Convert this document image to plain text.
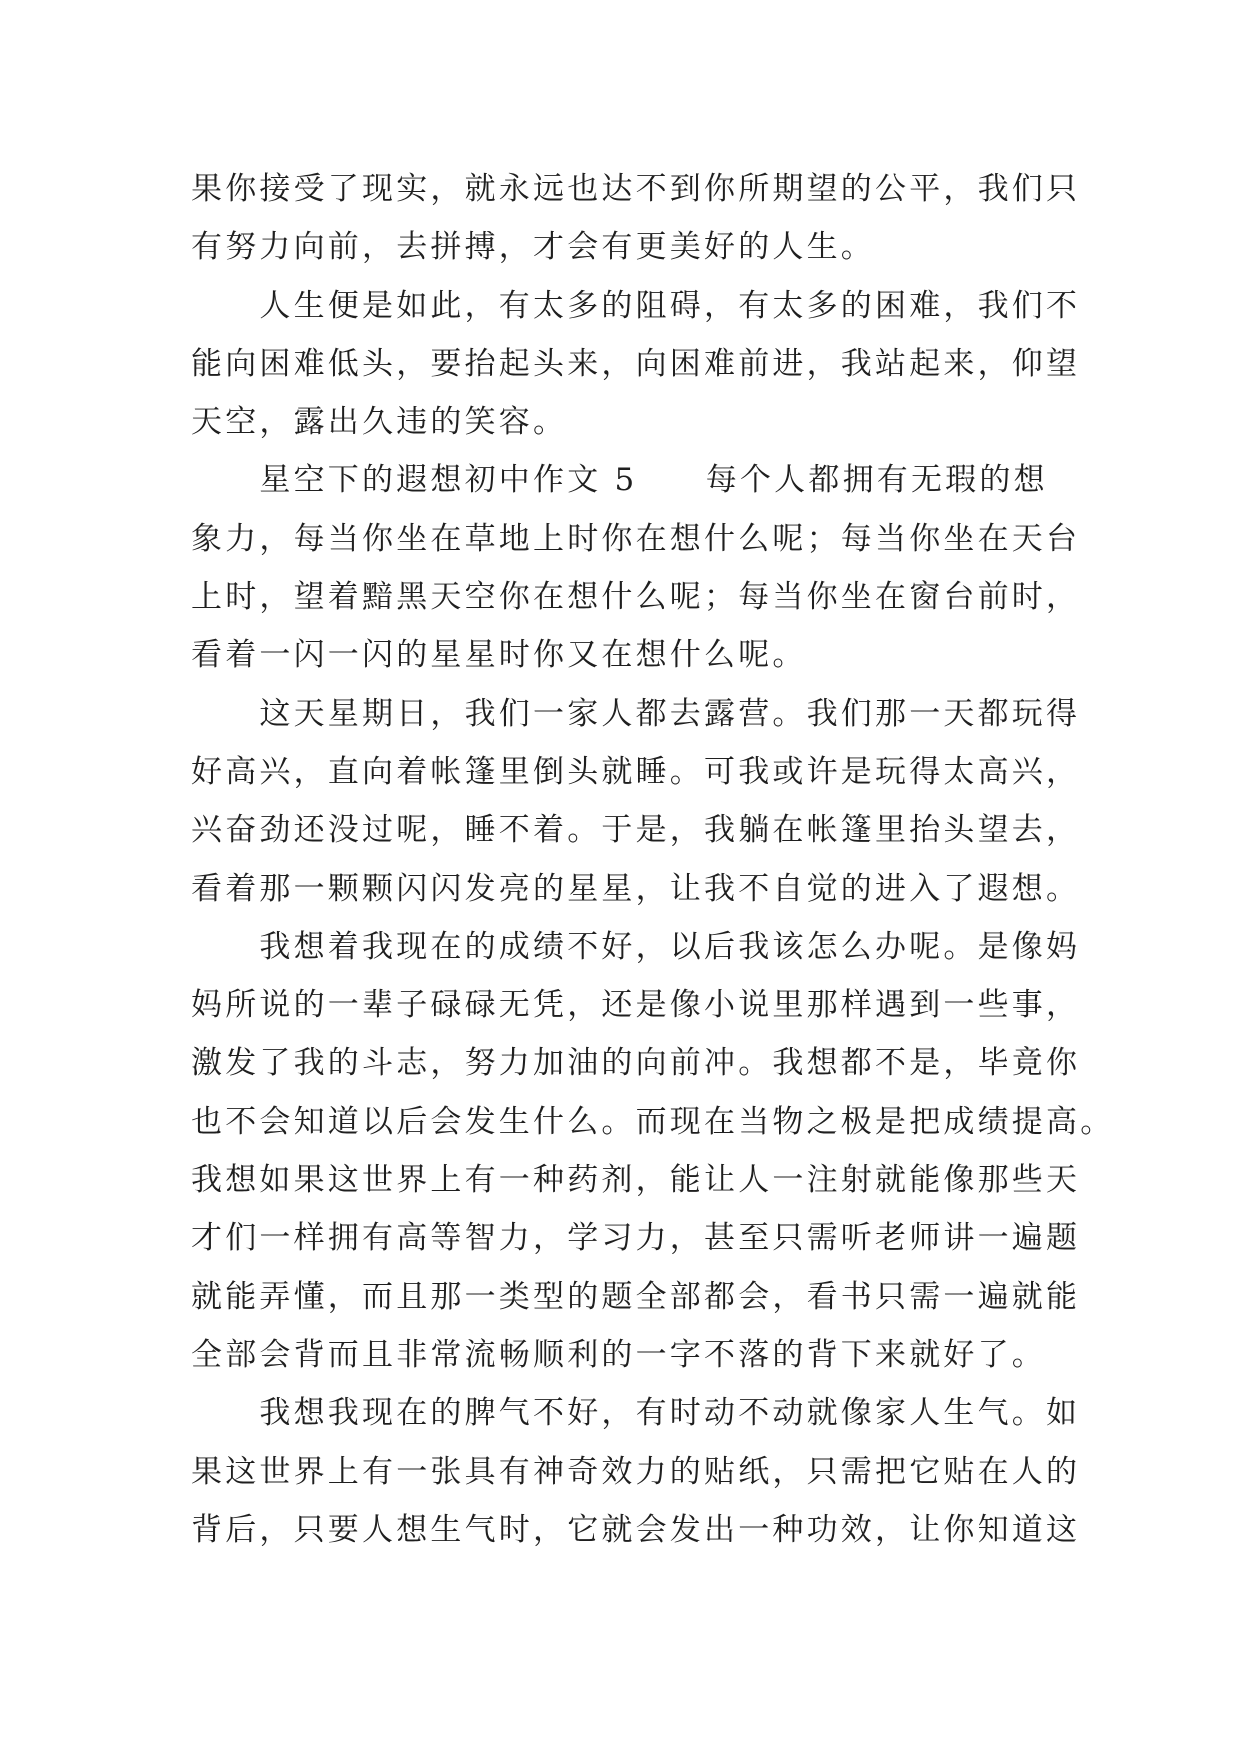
果你接受了现实，就永远也达不到你所期望的公平，我们只
有努力向前，去拼搏，才会有更美好的人生。
　　人生便是如此，有太多的阻碍，有太多的困难，我们不
能向困难低头，要抬起头来，向困难前进，我站起来，仰望
天空，露出久违的笑容。
　　星空下的遐想初中作文 5　　每个人都拥有无瑕的想
象力，每当你坐在草地上时你在想什么呢；每当你坐在天台
上时，望着黯黑天空你在想什么呢；每当你坐在窗台前时，
看着一闪一闪的星星时你又在想什么呢。
　　这天星期日，我们一家人都去露营。我们那一天都玩得
好高兴，直向着帐篷里倒头就睡。可我或许是玩得太高兴，
兴奋劲还没过呢，睡不着。于是，我躺在帐篷里抬头望去，
看着那一颗颗闪闪发亮的星星，让我不自觉的进入了遐想。
　　我想着我现在的成绩不好，以后我该怎么办呢。是像妈
妈所说的一辈子碌碌无凭，还是像小说里那样遇到一些事，
激发了我的斗志，努力加油的向前冲。我想都不是，毕竟你
也不会知道以后会发生什么。而现在当物之极是把成绩提高。
我想如果这世界上有一种药剂，能让人一注射就能像那些天
才们一样拥有高等智力，学习力，甚至只需听老师讲一遍题
就能弄懂，而且那一类型的题全部都会，看书只需一遍就能
全部会背而且非常流畅顺利的一字不落的背下来就好了。
　　我想我现在的脾气不好，有时动不动就像家人生气。如
果这世界上有一张具有神奇效力的贴纸，只需把它贴在人的
背后，只要人想生气时，它就会发出一种功效，让你知道这
